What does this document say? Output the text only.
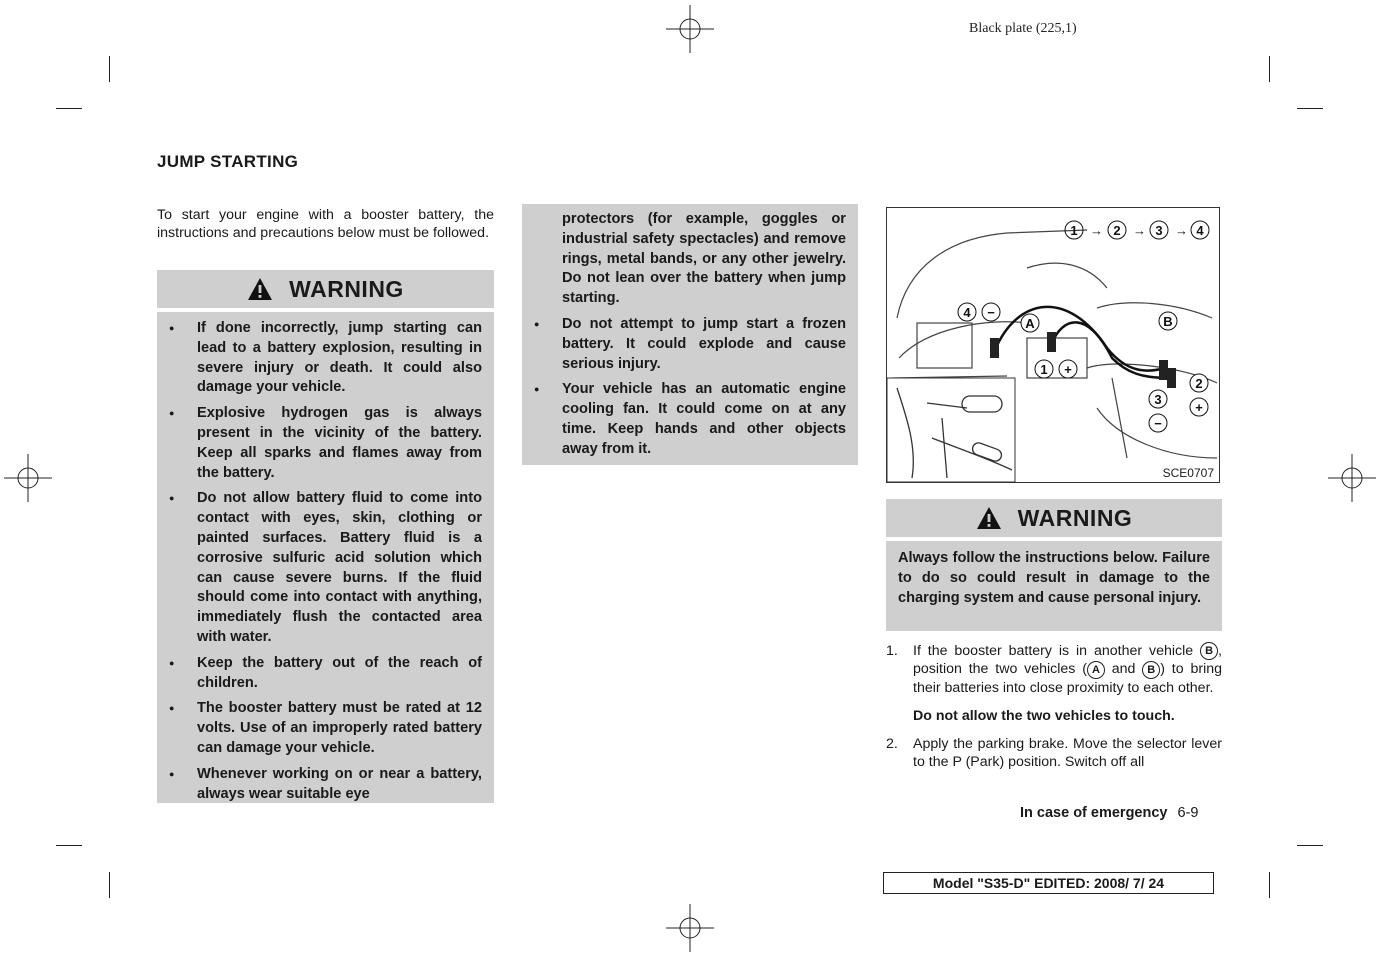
Black plate (225,1)
JUMP STARTING
To start your engine with a booster battery, the instructions and precautions below must be followed.
WARNING
● If done incorrectly, jump starting can lead to a battery explosion, resulting in severe injury or death. It could also damage your vehicle.
● Explosive hydrogen gas is always present in the vicinity of the battery. Keep all sparks and flames away from the battery.
● Do not allow battery fluid to come into contact with eyes, skin, clothing or painted surfaces. Battery fluid is a corrosive sulfuric acid solution which can cause severe burns. If the fluid should come into contact with anything, immediately flush the contacted area with water.
● Keep the battery out of the reach of children.
● The booster battery must be rated at 12 volts. Use of an improperly rated battery can damage your vehicle.
● Whenever working on or near a battery, always wear suitable eye
protectors (for example, goggles or industrial safety spectacles) and remove rings, metal bands, or any other jewelry. Do not lean over the battery when jump starting.
● Do not attempt to jump start a frozen battery. It could explode and cause serious injury.
● Your vehicle has an automatic engine cooling fan. It could come on at any time. Keep hands and other objects away from it.
1 → 2 → 3 → 4
4 −
A	B
1 +
2
+
3
−
SCE0707
WARNING
Always follow the instructions below. Failure to do so could result in damage to the charging system and cause personal injury.
1. If the booster battery is in another vehicle B , position the two vehicles ( A and B ) to bring their batteries into close proximity to each other.
Do not allow the two vehicles to touch.
2. Apply the parking brake. Move the selector lever to the P (Park) position. Switch off all
In case of emergency 6-9
Model "S35-D" EDITED: 2008/ 7/ 24
